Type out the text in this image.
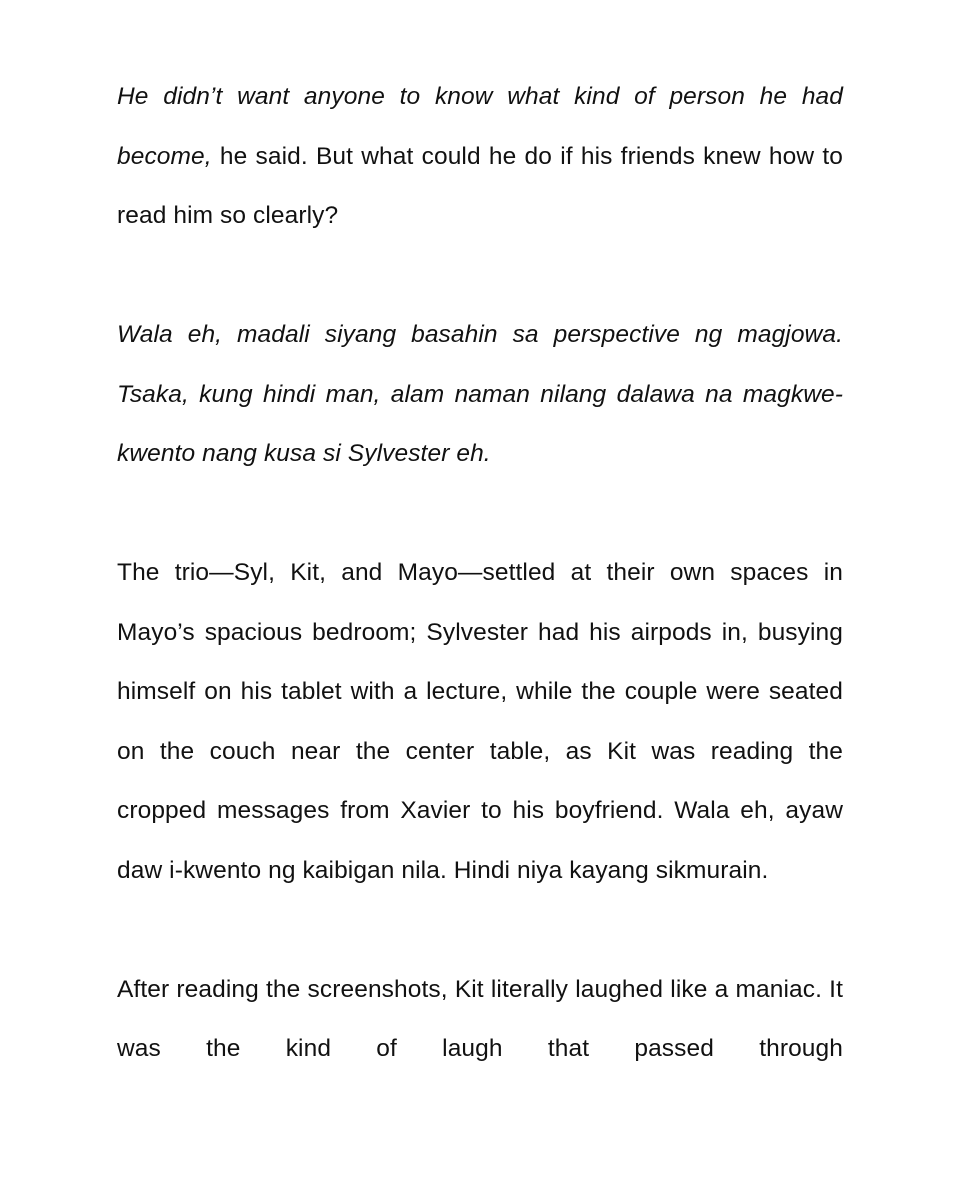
He didn’t want anyone to know what kind of person he had become, he said. But what could he do if his friends knew how to read him so clearly?

Wala eh, madali siyang basahin sa perspective ng magjowa. Tsaka, kung hindi man, alam naman nilang dalawa na magkwe-kwento nang kusa si Sylvester eh.

The trio—Syl, Kit, and Mayo—settled at their own spaces in Mayo’s spacious bedroom; Sylvester had his airpods in, busying himself on his tablet with a lecture, while the couple were seated on the couch near the center table, as Kit was reading the cropped messages from Xavier to his boyfriend. Wala eh, ayaw daw i-kwento ng kaibigan nila. Hindi niya kayang sikmurain.

After reading the screenshots, Kit literally laughed like a maniac. It was the kind of laugh that passed through
